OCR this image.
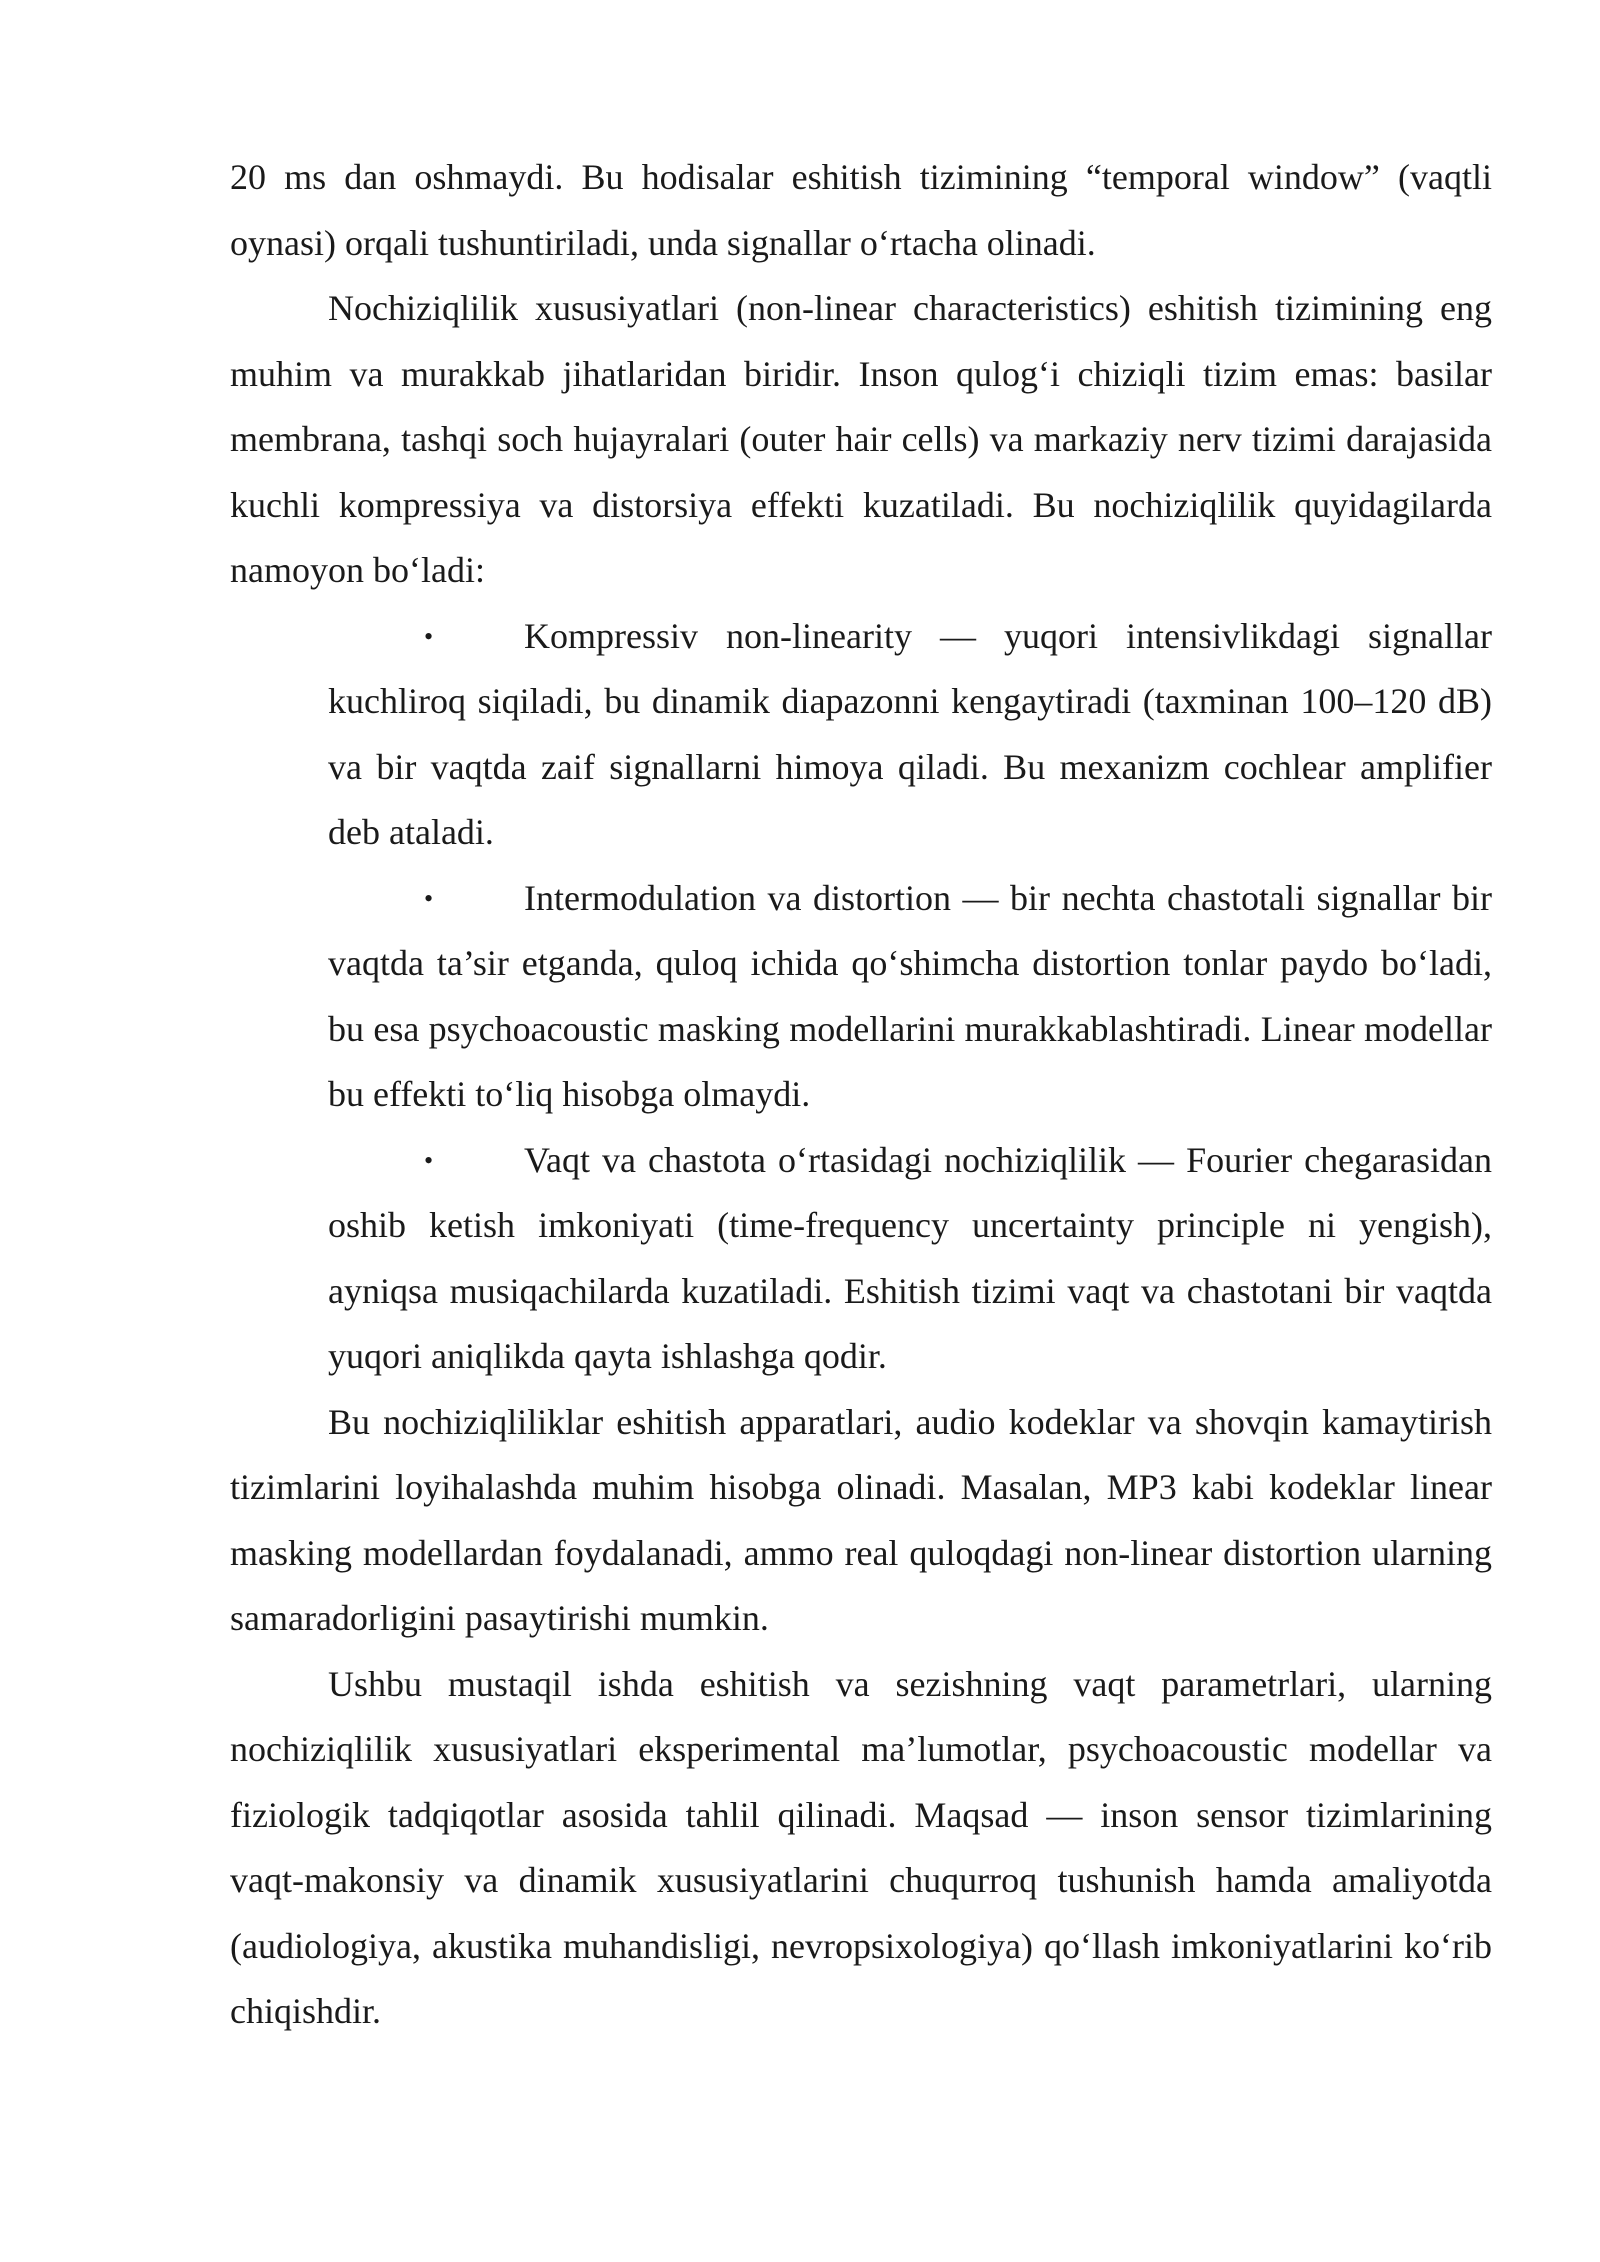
20 ms dan oshmaydi. Bu hodisalar eshitish tizimining “temporal window” (vaqtli oynasi) orqali tushuntiriladi, unda signallar oʻrtacha olinadi.

Nochiziqlilik xususiyatlari (non-linear characteristics) eshitish tizimining eng muhim va murakkab jihatlaridan biridir. Inson qulogʻi chiziqli tizim emas: basilar membrana, tashqi soch hujayralari (outer hair cells) va markaziy nerv tizimi darajasida kuchli kompressiya va distorsiya effekti kuzatiladi. Bu nochiziqlilik quyidagilarda namoyon boʻladi:

•	Kompressiv non-linearity — yuqori intensivlikdagi signallar kuchliroq siqiladi, bu dinamik diapazonni kengaytiradi (taxminan 100–120 dB) va bir vaqtda zaif signallarni himoya qiladi. Bu mexanizm cochlear amplifier deb ataladi.
•	Intermodulation va distortion — bir nechta chastotali signallar bir vaqtda ta’sir etganda, quloq ichida qoʻshimcha distortion tonlar paydo boʻladi, bu esa psychoacoustic masking modellarini murakkablashtiradi. Linear modellar bu effekti toʻliq hisobga olmaydi.
•	Vaqt va chastota oʻrtasidagi nochiziqlilik — Fourier chegarasidan oshib ketish imkoniyati (time-frequency uncertainty principle ni yengish), ayniqsa musiqachilarda kuzatiladi. Eshitish tizimi vaqt va chastotani bir vaqtda yuqori aniqlikda qayta ishlashga qodir.

Bu nochiziqliliklar eshitish apparatlari, audio kodeklar va shovqin kamaytirish tizimlarini loyihalashda muhim hisobga olinadi. Masalan, MP3 kabi kodeklar linear masking modellardan foydalanadi, ammo real quloqdagi non-linear distortion ularning samaradorligini pasaytirishi mumkin.

Ushbu mustaqil ishda eshitish va sezishning vaqt parametrlari, ularning nochiziqlilik xususiyatlari eksperimental ma’lumotlar, psychoacoustic modellar va fiziologik tadqiqotlar asosida tahlil qilinadi. Maqsad — inson sensor tizimlarining vaqt-makonsiy va dinamik xususiyatlarini chuqurroq tushunish hamda amaliyotda (audiologiya, akustika muhandisligi, nevropsixologiya) qoʻllash imkoniyatlarini koʻrib chiqishdir.
